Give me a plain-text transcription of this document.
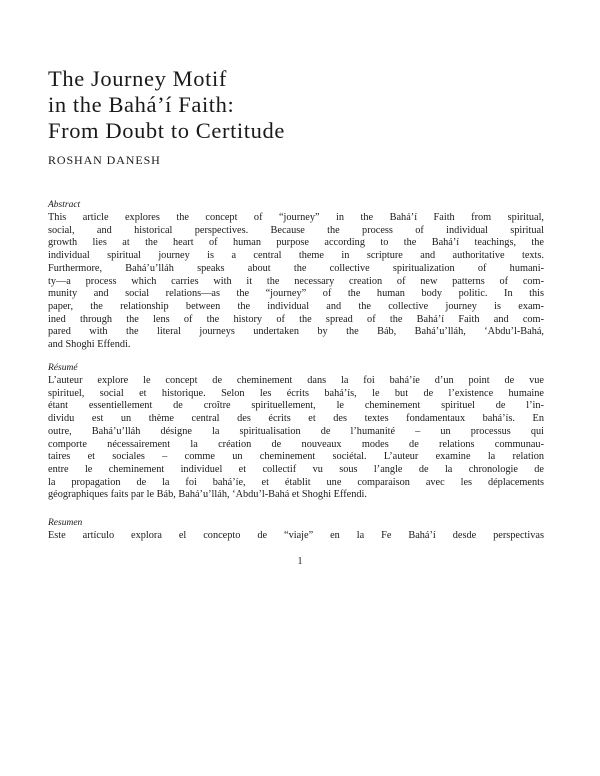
The Journey Motif
in the Bahá’í Faith:
From Doubt to Certitude
ROSHAN DANESH
Abstract
This article explores the concept of “journey” in the Bahá’í Faith from spiritual,
social, and historical perspectives. Because the process of individual spiritual
growth lies at the heart of human purpose according to the Bahá’í teachings, the
individual spiritual journey is a central theme in scripture and authoritative texts.
Furthermore, Bahá’u’lláh speaks about the collective spiritualization of humani-
ty—a process which carries with it the necessary creation of new patterns of com-
munity and social relations—as the “journey” of the human body politic. In this
paper, the relationship between the individual and the collective journey is exam-
ined through the lens of the history of the spread of the Bahá’í Faith and com-
pared with the literal journeys undertaken by the Báb, Bahá’u’lláh, ‘Abdu’l-Bahá,
and Shoghi Effendi.
Résumé
L’auteur explore le concept de cheminement dans la foi bahá’íe d’un point de vue
spirituel, social et historique. Selon les écrits bahá’ís, le but de l’existence humaine
étant essentiellement de croître spirituellement, le cheminement spirituel de l’in-
dividu est un thème central des écrits et des textes fondamentaux bahá’ís. En
outre, Bahá’u’lláh désigne la spiritualisation de l’humanité – un processus qui
comporte nécessairement la création de nouveaux modes de relations communau-
taires et sociales – comme un cheminement sociétal. L’auteur examine la relation
entre le cheminement individuel et collectif vu sous l’angle de la chronologie de
la propagation de la foi bahá’íe, et établit une comparaison avec les déplacements
géographiques faits par le Báb, Bahá’u’lláh, ‘Abdu’l-Bahá et Shoghi Effendi.
Resumen
Este artículo explora el concepto de “viaje” en la Fe Bahá’í desde perspectivas
1
